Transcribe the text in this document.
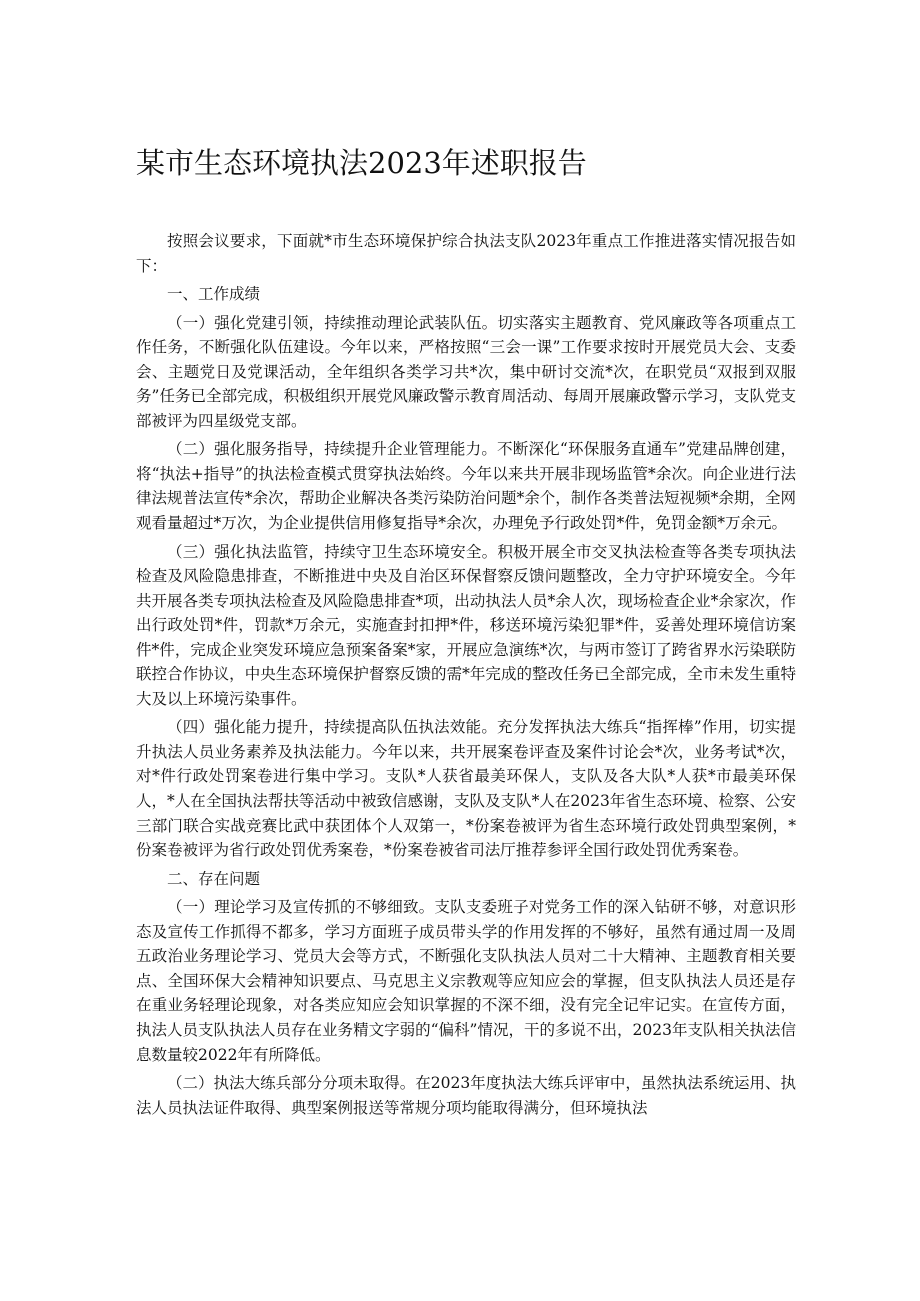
某市生态环境执法2023年述职报告

按照会议要求，下面就*市生态环境保护综合执法支队2023年重点工作推进落实情况报告如下：

一、工作成绩

（一）强化党建引领，持续推动理论武装队伍。切实落实主题教育、党风廉政等各项重点工作任务，不断强化队伍建设。今年以来，严格按照“三会一课”工作要求按时开展党员大会、支委会、主题党日及党课活动，全年组织各类学习共*次，集中研讨交流*次，在职党员“双报到双服务”任务已全部完成，积极组织开展党风廉政警示教育周活动、每周开展廉政警示学习，支队党支部被评为四星级党支部。

（二）强化服务指导，持续提升企业管理能力。不断深化“环保服务直通车”党建品牌创建，将“执法+指导”的执法检查模式贯穿执法始终。今年以来共开展非现场监管*余次。向企业进行法律法规普法宣传*余次，帮助企业解决各类污染防治问题*余个，制作各类普法短视频*余期，全网观看量超过*万次，为企业提供信用修复指导*余次，办理免予行政处罚*件，免罚金额*万余元。

（三）强化执法监管，持续守卫生态环境安全。积极开展全市交叉执法检查等各类专项执法检查及风险隐患排查，不断推进中央及自治区环保督察反馈问题整改，全力守护环境安全。今年共开展各类专项执法检查及风险隐患排查*项，出动执法人员*余人次，现场检查企业*余家次，作出行政处罚*件，罚款*万余元，实施查封扣押*件，移送环境污染犯罪*件，妥善处理环境信访案件*件，完成企业突发环境应急预案备案*家，开展应急演练*次，与两市签订了跨省界水污染联防联控合作协议，中央生态环境保护督察反馈的需*年完成的整改任务已全部完成，全市未发生重特大及以上环境污染事件。

（四）强化能力提升，持续提高队伍执法效能。充分发挥执法大练兵“指挥棒”作用，切实提升执法人员业务素养及执法能力。今年以来，共开展案卷评查及案件讨论会*次，业务考试*次，对*件行政处罚案卷进行集中学习。支队*人获省最美环保人，支队及各大队*人获*市最美环保人，*人在全国执法帮扶等活动中被致信感谢，支队及支队*人在2023年省生态环境、检察、公安三部门联合实战竞赛比武中获团体个人双第一，*份案卷被评为省生态环境行政处罚典型案例，*份案卷被评为省行政处罚优秀案卷，*份案卷被省司法厅推荐参评全国行政处罚优秀案卷。

二、存在问题

（一）理论学习及宣传抓的不够细致。支队支委班子对党务工作的深入钻研不够，对意识形态及宣传工作抓得不都多，学习方面班子成员带头学的作用发挥的不够好，虽然有通过周一及周五政治业务理论学习、党员大会等方式，不断强化支队执法人员对二十大精神、主题教育相关要点、全国环保大会精神知识要点、马克思主义宗教观等应知应会的掌握，但支队执法人员还是存在重业务轻理论现象，对各类应知应会知识掌握的不深不细，没有完全记牢记实。在宣传方面，执法人员支队执法人员存在业务精文字弱的“偏科”情况，干的多说不出，2023年支队相关执法信息数量较2022年有所降低。

（二）执法大练兵部分分项未取得。在2023年度执法大练兵评审中，虽然执法系统运用、执法人员执法证件取得、典型案例报送等常规分项均能取得满分，但环境执法
